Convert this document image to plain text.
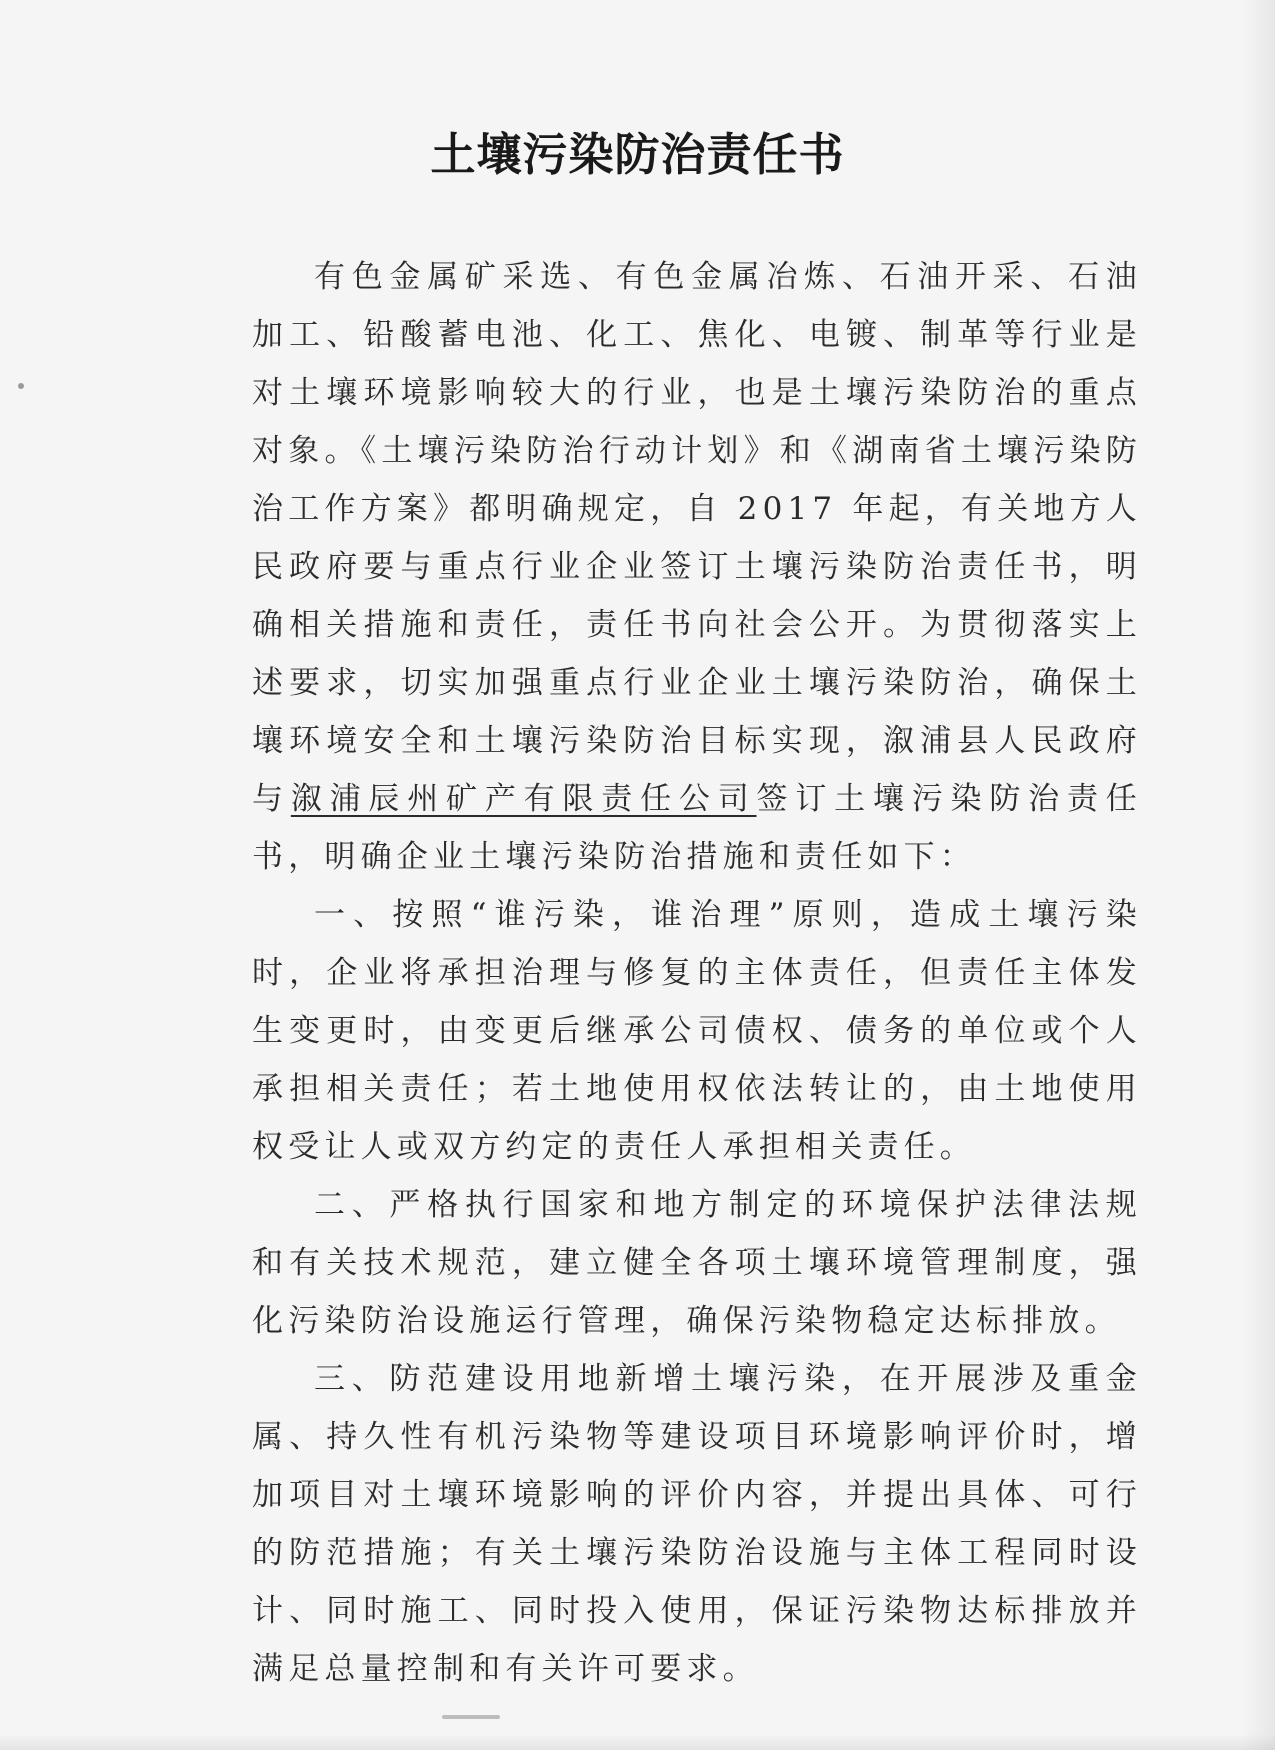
土壤污染防治责任书

有色金属矿采选、有色金属冶炼、石油开采、石油加工、铅酸蓄电池、化工、焦化、电镀、制革等行业是对土壤环境影响较大的行业，也是土壤污染防治的重点对象。《土壤污染防治行动计划》和《湖南省土壤污染防治工作方案》都明确规定，自 2017 年起，有关地方人民政府要与重点行业企业签订土壤污染防治责任书，明确相关措施和责任，责任书向社会公开。为贯彻落实上述要求，切实加强重点行业企业土壤污染防治，确保土壤环境安全和土壤污染防治目标实现，溆浦县人民政府与溆浦辰州矿产有限责任公司签订土壤污染防治责任书，明确企业土壤污染防治措施和责任如下：

一、按照“谁污染，谁治理”原则，造成土壤污染时，企业将承担治理与修复的主体责任，但责任主体发生变更时，由变更后继承公司债权、债务的单位或个人承担相关责任；若土地使用权依法转让的，由土地使用权受让人或双方约定的责任人承担相关责任。

二、严格执行国家和地方制定的环境保护法律法规和有关技术规范，建立健全各项土壤环境管理制度，强化污染防治设施运行管理，确保污染物稳定达标排放。

三、防范建设用地新增土壤污染，在开展涉及重金属、持久性有机污染物等建设项目环境影响评价时，增加项目对土壤环境影响的评价内容，并提出具体、可行的防范措施；有关土壤污染防治设施与主体工程同时设计、同时施工、同时投入使用，保证污染物达标排放并满足总量控制和有关许可要求。
